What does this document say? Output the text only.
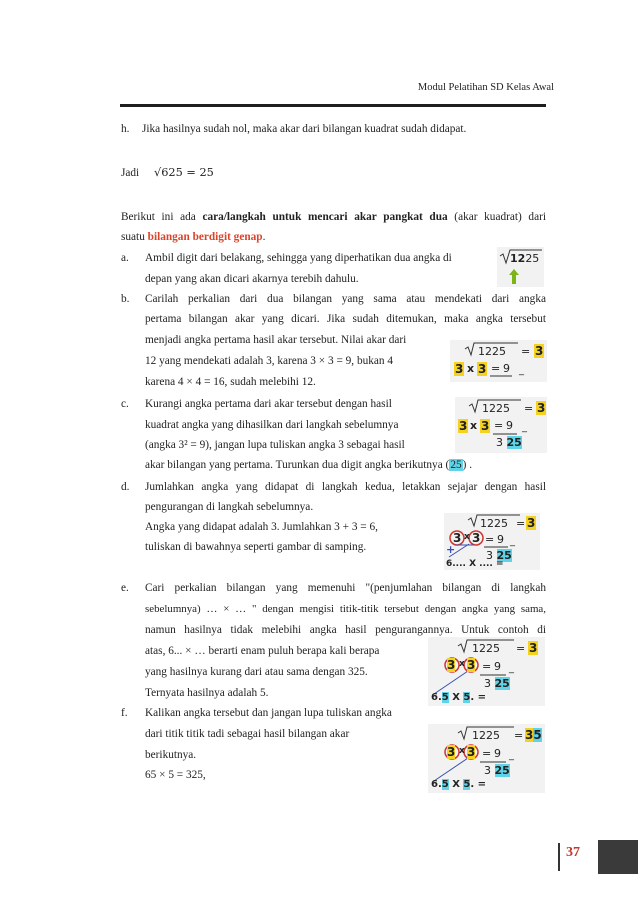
Modul Pelatihan SD Kelas Awal
h. Jika hasilnya sudah nol, maka akar dari bilangan kuadrat sudah didapat.
Jadi √625 = 25
Berikut ini ada cara/langkah untuk mencari akar pangkat dua (akar kuadrat) dari
suatu bilangan berdigit genap.
a. Ambil digit dari belakang, sehingga yang diperhatikan dua angka di
depan yang akan dicari akarnya terebih dahulu.
b. Carilah perkalian dari dua bilangan yang sama atau mendekati dari angka
pertama bilangan akar yang dicari. Jika sudah ditemukan, maka angka tersebut
menjadi angka pertama hasil akar tersebut. Nilai akar dari
12 yang mendekati adalah 3, karena 3 × 3 = 9, bukan 4
karena 4 × 4 = 16, sudah melebihi 12.
c. Kurangi angka pertama dari akar tersebut dengan hasil
kuadrat angka yang dihasilkan dari langkah sebelumnya
(angka 3² = 9), jangan lupa tuliskan angka 3 sebagai hasil
akar bilangan yang pertama. Turunkan dua digit angka berikutnya (25) .
d. Jumlahkan angka yang didapat di langkah kedua, letakkan sejajar dengan hasil
pengurangan di langkah sebelumnya.
Angka yang didapat adalah 3. Jumlahkan 3 + 3 = 6,
tuliskan di bawahnya seperti gambar di samping.
e. Cari perkalian bilangan yang memenuhi "(penjumlahan bilangan di langkah
sebelumnya) … × … " dengan mengisi titik-titik tersebut dengan angka yang sama,
namun hasilnya tidak melebihi angka hasil pengurangannya. Untuk contoh di
atas, 6... × … berarti enam puluh berapa kali berapa
yang hasilnya kurang dari atau sama dengan 325.
Ternyata hasilnya adalah 5.
f. Kalikan angka tersebut dan jangan lupa tuliskan angka
dari titik titik tadi sebagai hasil bilangan akar
berikutnya.
65 × 5 = 325,
1225
1225 = 3
3 x 3 = 9 _
1225 = 3
3 x 3 = 9 _
3 25
1225 = 3
3 x 3 = 9 _
+	3 25
6.... X .... =
1225 = 3
3 x 3 = 9 _
3 25
6.5 X 5. =
1225 = 35
3 x 3 = 9 _
3 25
6.5 X 5. =
37
